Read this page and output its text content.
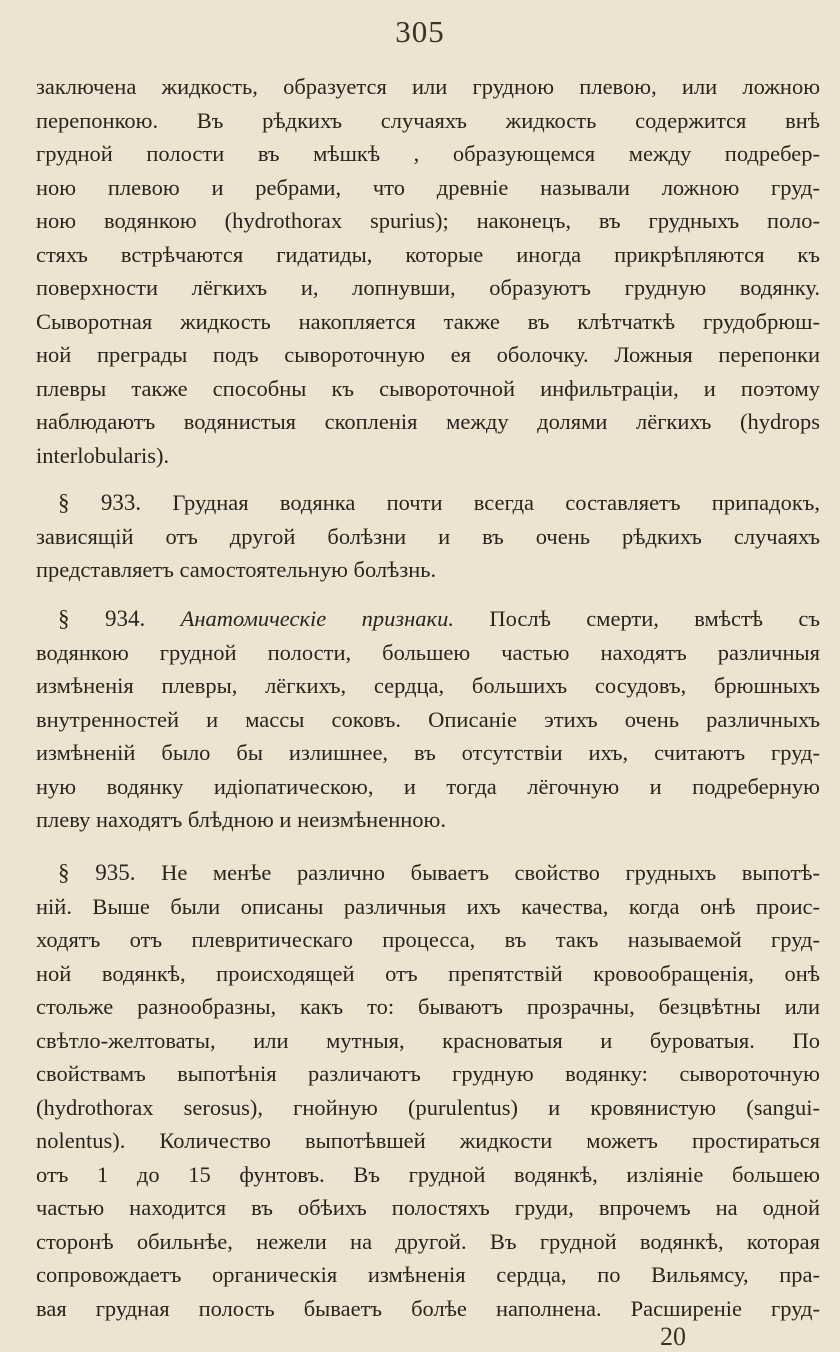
305
заключена жидкость, образуется или грудною плевою, или ложною
перепонкою. Въ рѣдкихъ случаяхъ жидкость содержится внѣ
грудной полости въ мѣшкѣ , образующемся между подребер-
ною плевою и ребрами, что древніе называли ложною груд-
ною водянкою (hydrothorax spurius); наконецъ, въ грудныхъ поло-
стяхъ встрѣчаются гидатиды, которые иногда прикрѣпляются къ
поверхности лёгкихъ и, лопнувши, образуютъ грудную водянку.
Сыворотная жидкость накопляется также въ клѣтчаткѣ грудобрюш-
ной преграды подъ сывороточную ея оболочку. Ложныя перепонки
плевры также способны къ сывороточной инфильтраціи, и поэтому
наблюдаютъ водянистыя скопленія между долями лёгкихъ (hydrops
interlobularis).
§ 933. Грудная водянка почти всегда составляетъ припадокъ,
зависящій отъ другой болѣзни и въ очень рѣдкихъ случаяхъ
представляетъ самостоятельную болѣзнь.
§ 934. Анатомическіе признаки. Послѣ смерти, вмѣстѣ съ
водянкою грудной полости, большею частью находятъ различныя
измѣненія плевры, лёгкихъ, сердца, большихъ сосудовъ, брюшныхъ
внутренностей и массы соковъ. Описаніе этихъ очень различныхъ
измѣненій было бы излишнее, въ отсутствіи ихъ, считаютъ груд-
ную водянку идіопатическою, и тогда лёгочную и подреберную
плеву находятъ блѣдною и неизмѣненною.
§ 935. Не менѣе различно бываетъ свойство грудныхъ выпотѣ-
ній. Выше были описаны различныя ихъ качества, когда онѣ проис-
ходятъ отъ плевритическаго процесса, въ такъ называемой груд-
ной водянкѣ, происходящей отъ препятствій кровообращенія, онѣ
стольже разнообразны, какъ то: бываютъ прозрачны, безцвѣтны или
свѣтло-желтоваты, или мутныя, красноватыя и буроватыя. По
свойствамъ выпотѣнія различаютъ грудную водянку: сывороточную
(hydrothorax serosus), гнойную (purulentus) и кровянистую (sangui-
nolentus). Количество выпотѣвшей жидкости можетъ простираться
отъ 1 до 15 фунтовъ. Въ грудной водянкѣ, изліяніе большею
частью находится въ обѣихъ полостяхъ груди, впрочемъ на одной
сторонѣ обильнѣе, нежели на другой. Въ грудной водянкѣ, которая
сопровождаетъ органическія измѣненія сердца, по Вильямсу, пра-
вая грудная полость бываетъ болѣе наполнена. Расширеніе груд-
20
